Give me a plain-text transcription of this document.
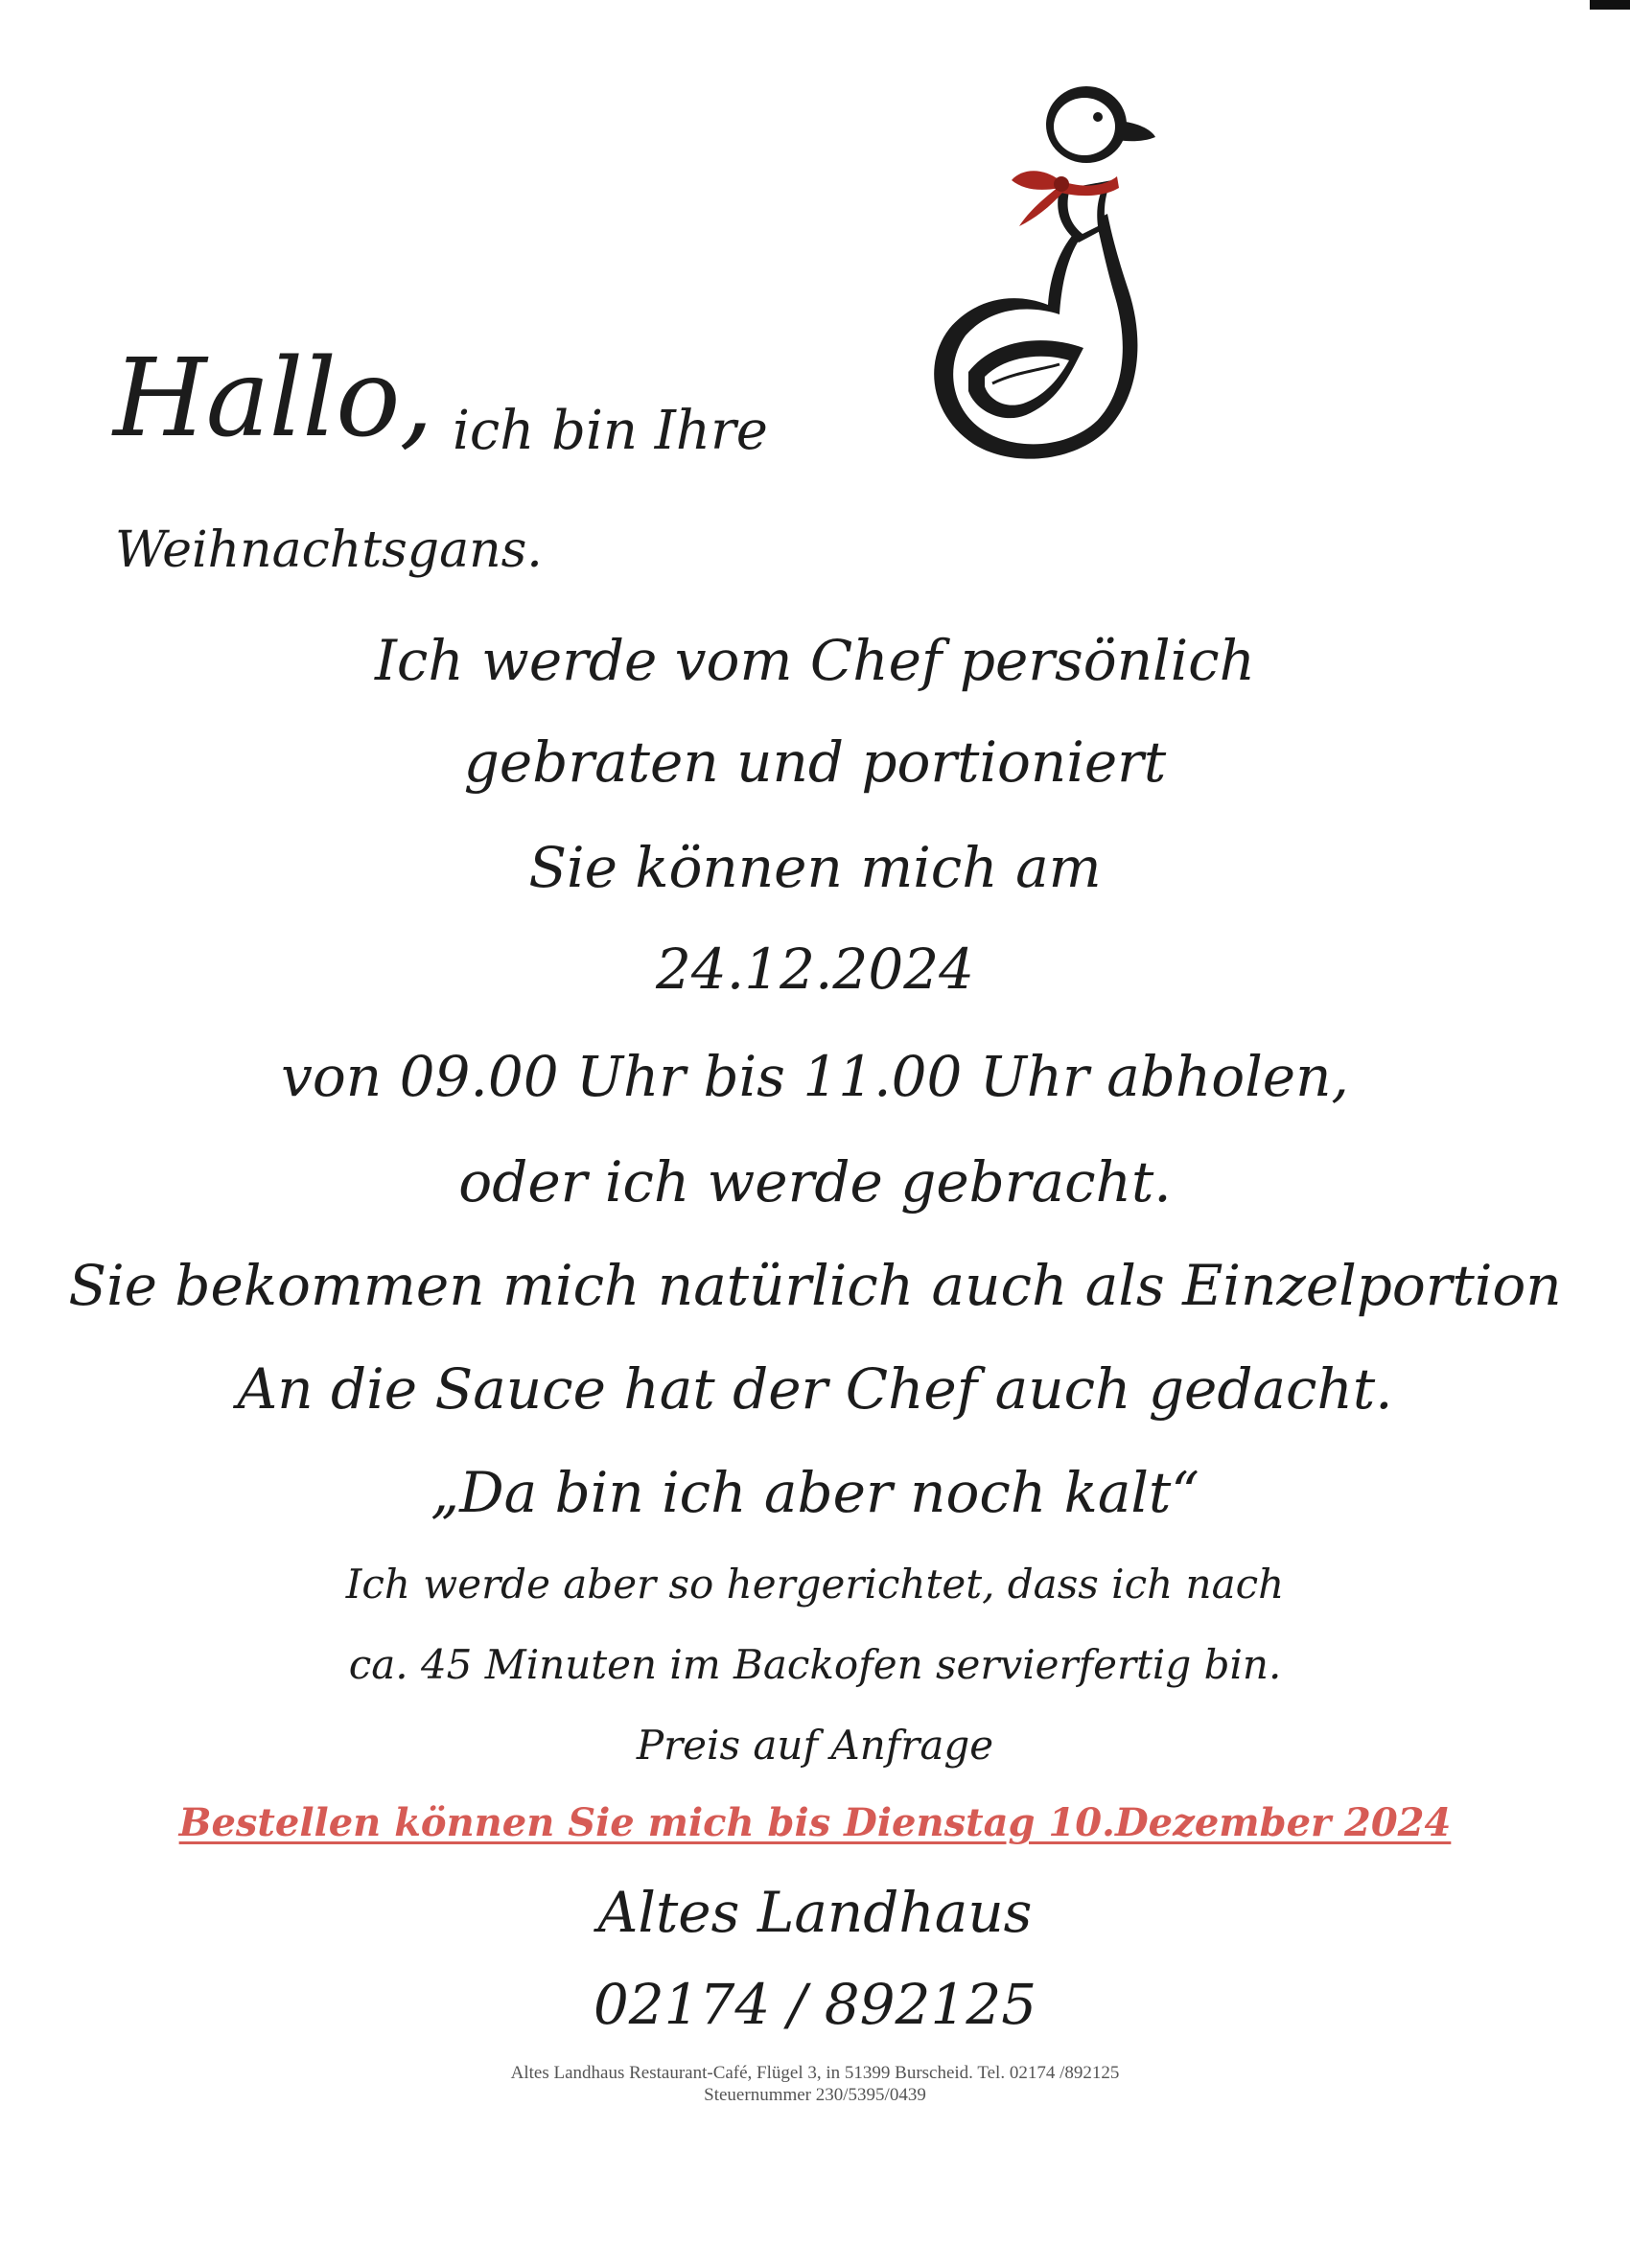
Hallo, ich bin Ihre
Weihnachtsgans.
Ich werde vom Chef persönlich
gebraten und portioniert
Sie können mich am
24.12.2024
von 09.00 Uhr bis 11.00 Uhr abholen,
oder ich werde gebracht.
Sie bekommen mich natürlich auch als Einzelportion
An die Sauce hat der Chef auch gedacht.
„Da bin ich aber noch kalt“
Ich werde aber so hergerichtet, dass ich nach
ca. 45 Minuten im Backofen servierfertig bin.
Preis auf Anfrage
Bestellen können Sie mich bis Dienstag 10.Dezember 2024
Altes Landhaus
02174 / 892125
Altes Landhaus Restaurant-Café, Flügel 3, in 51399 Burscheid. Tel. 02174 /892125
Steuernummer 230/5395/0439
